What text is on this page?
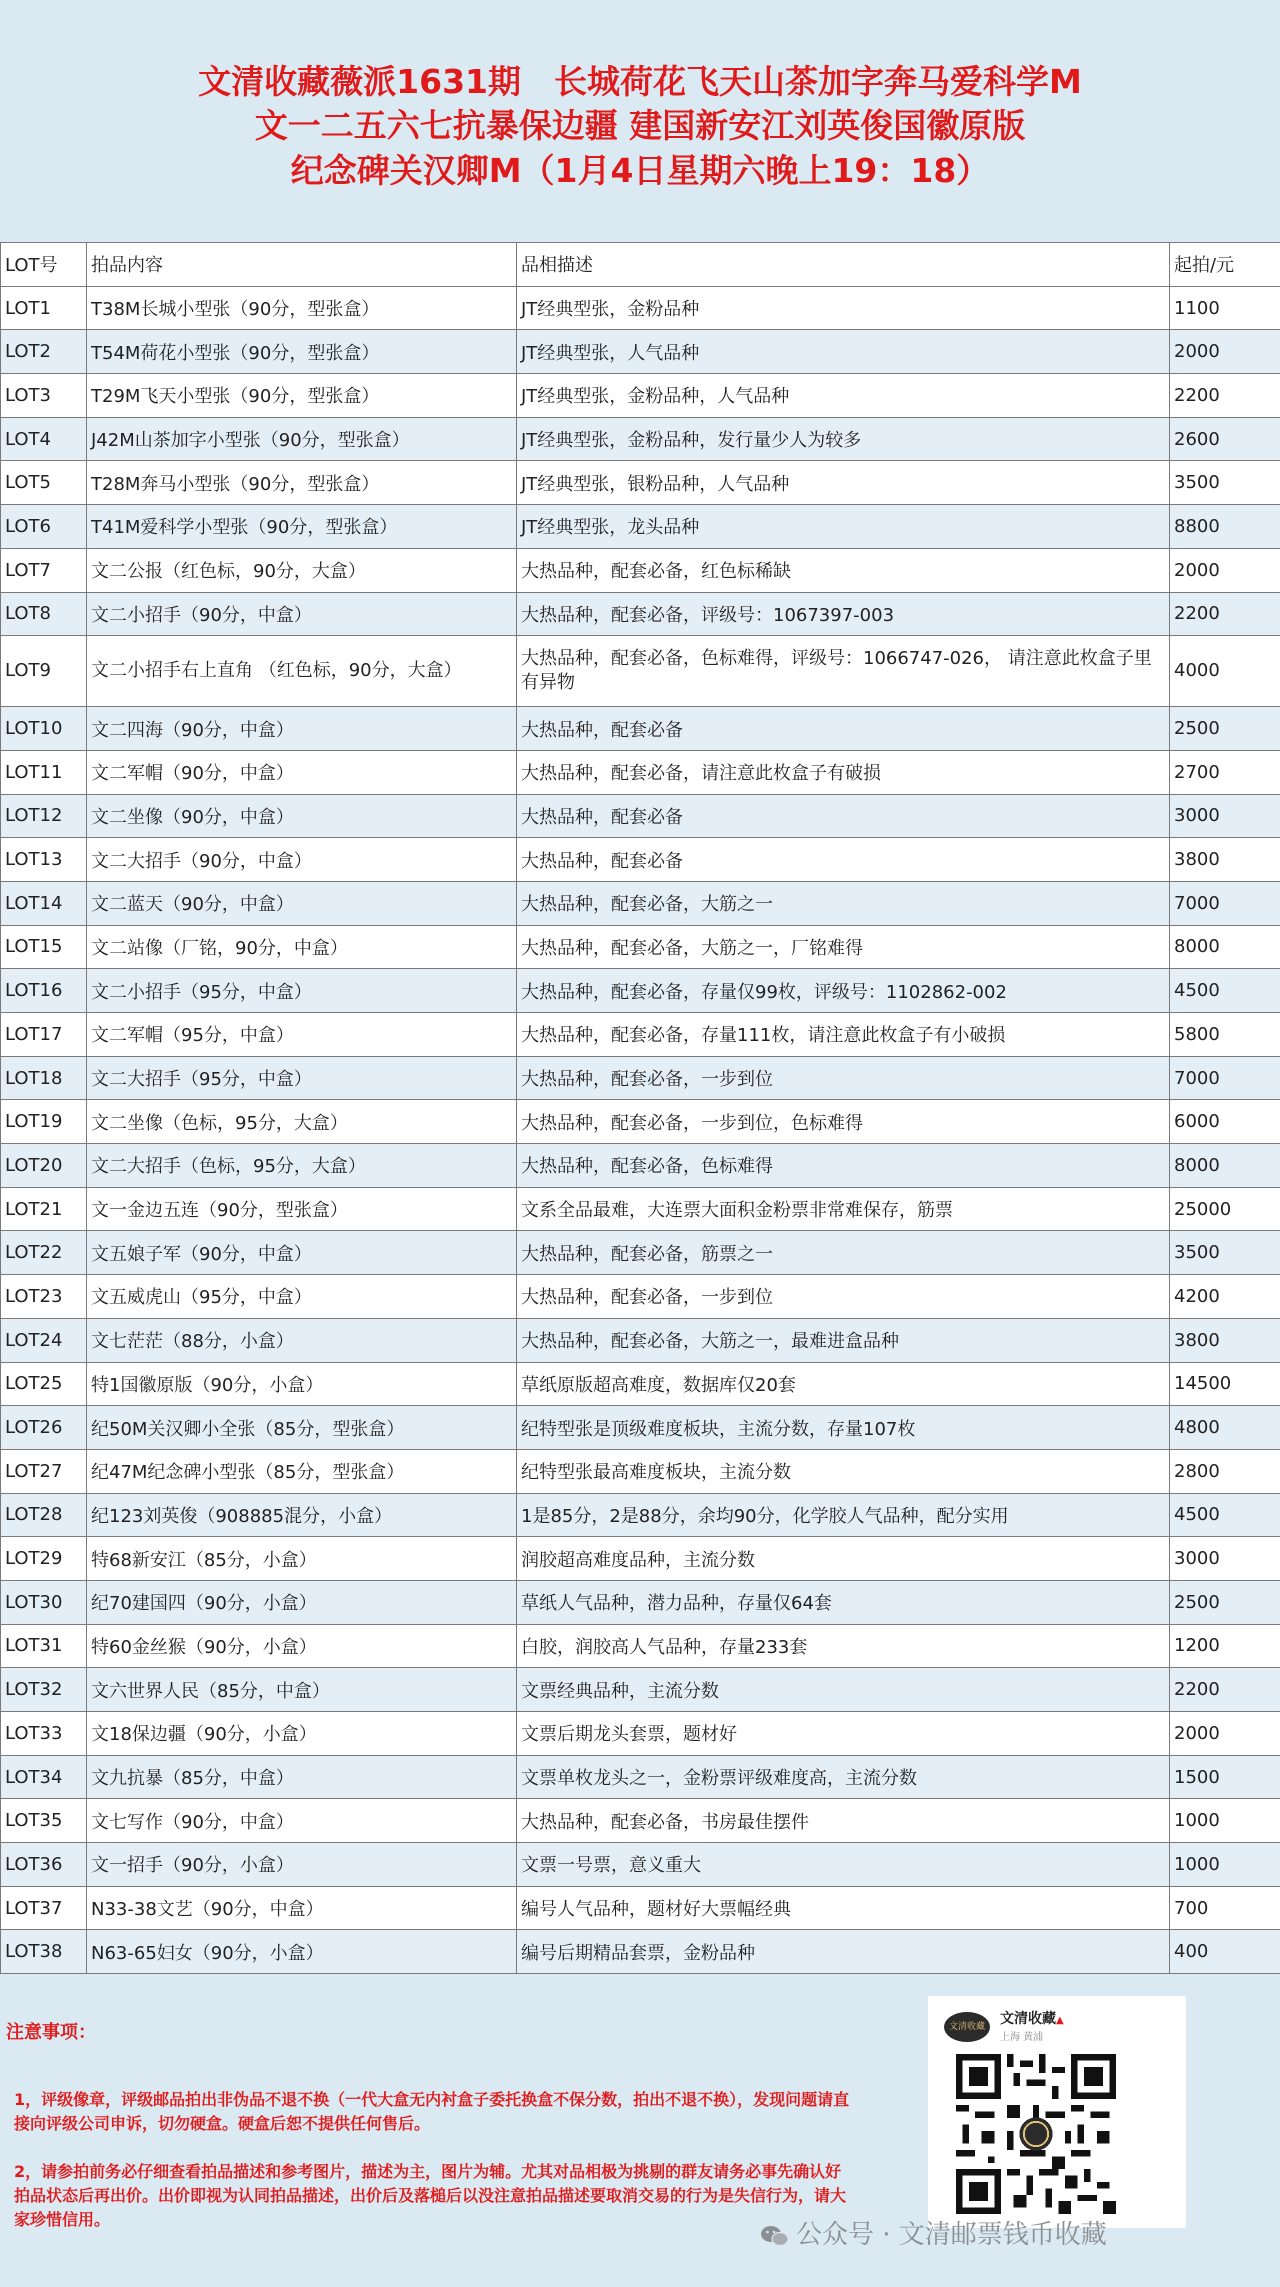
文清收藏薇派1631期　长城荷花飞天山茶加字奔马爱科学M
文一二五六七抗暴保边疆 建国新安江刘英俊国徽原版
纪念碑关汉卿M（1月4日星期六晚上19：18）
LOT号	拍品内容	品相描述	起拍/元
LOT1	T38M长城小型张（90分，型张盒）	JT经典型张，金粉品种	1100
LOT2	T54M荷花小型张（90分，型张盒）	JT经典型张，人气品种	2000
LOT3	T29M飞天小型张（90分，型张盒）	JT经典型张，金粉品种，人气品种	2200
LOT4	J42M山茶加字小型张（90分，型张盒）	JT经典型张，金粉品种，发行量少人为较多	2600
LOT5	T28M奔马小型张（90分，型张盒）	JT经典型张，银粉品种，人气品种	3500
LOT6	T41M爱科学小型张（90分，型张盒）	JT经典型张，龙头品种	8800
LOT7	文二公报（红色标，90分，大盒）	大热品种，配套必备，红色标稀缺	2000
LOT8	文二小招手（90分，中盒）	大热品种，配套必备，评级号：1067397-003	2200
LOT9	文二小招手右上直角 （红色标，90分，大盒）	大热品种，配套必备，色标难得，评级号：1066747-026， 请注意此枚盒子里有异物	4000
LOT10	文二四海（90分，中盒）	大热品种，配套必备	2500
LOT11	文二军帽（90分，中盒）	大热品种，配套必备，请注意此枚盒子有破损	2700
LOT12	文二坐像（90分，中盒）	大热品种，配套必备	3000
LOT13	文二大招手（90分，中盒）	大热品种，配套必备	3800
LOT14	文二蓝天（90分，中盒）	大热品种，配套必备，大筋之一	7000
LOT15	文二站像（厂铭，90分，中盒）	大热品种，配套必备，大筋之一，厂铭难得	8000
LOT16	文二小招手（95分，中盒）	大热品种，配套必备，存量仅99枚，评级号：1102862-002	4500
LOT17	文二军帽（95分，中盒）	大热品种，配套必备，存量111枚，请注意此枚盒子有小破损	5800
LOT18	文二大招手（95分，中盒）	大热品种，配套必备，一步到位	7000
LOT19	文二坐像（色标，95分，大盒）	大热品种，配套必备，一步到位，色标难得	6000
LOT20	文二大招手（色标，95分，大盒）	大热品种，配套必备，色标难得	8000
LOT21	文一金边五连（90分，型张盒）	文系全品最难，大连票大面积金粉票非常难保存，筋票	25000
LOT22	文五娘子军（90分，中盒）	大热品种，配套必备，筋票之一	3500
LOT23	文五威虎山（95分，中盒）	大热品种，配套必备，一步到位	4200
LOT24	文七茫茫（88分，小盒）	大热品种，配套必备，大筋之一，最难进盒品种	3800
LOT25	特1国徽原版（90分，小盒）	草纸原版超高难度，数据库仅20套	14500
LOT26	纪50M关汉卿小全张（85分，型张盒）	纪特型张是顶级难度板块，主流分数，存量107枚	4800
LOT27	纪47M纪念碑小型张（85分，型张盒）	纪特型张最高难度板块，主流分数	2800
LOT28	纪123刘英俊（908885混分，小盒）	1是85分，2是88分，余均90分，化学胶人气品种，配分实用	4500
LOT29	特68新安江（85分，小盒）	润胶超高难度品种，主流分数	3000
LOT30	纪70建国四（90分，小盒）	草纸人气品种，潜力品种，存量仅64套	2500
LOT31	特60金丝猴（90分，小盒）	白胶，润胶高人气品种，存量233套	1200
LOT32	文六世界人民（85分，中盒）	文票经典品种，主流分数	2200
LOT33	文18保边疆（90分，小盒）	文票后期龙头套票，题材好	2000
LOT34	文九抗暴（85分，中盒）	文票单枚龙头之一，金粉票评级难度高，主流分数	1500
LOT35	文七写作（90分，中盒）	大热品种，配套必备，书房最佳摆件	1000
LOT36	文一招手（90分，小盒）	文票一号票，意义重大	1000
LOT37	N33-38文艺（90分，中盒）	编号人气品种，题材好大票幅经典	700
LOT38	N63-65妇女（90分，小盒）	编号后期精品套票，金粉品种	400
注意事项：
1，评级像章，评级邮品拍出非伪品不退不换（一代大盒无内衬盒子委托换盒不保分数，拍出不退不换），发现问题请直接向评级公司申诉，切勿硬盒。硬盒后恕不提供任何售后。
2，请参拍前务必仔细查看拍品描述和参考图片，描述为主，图片为辅。尤其对品相极为挑剔的群友请务必事先确认好拍品状态后再出价。出价即视为认同拍品描述，出价后及落槌后以没注意拍品描述要取消交易的行为是失信行为，请大家珍惜信用。
文清收藏	文清收藏▲
上海 黄浦
公众号 · 文清邮票钱币收藏
